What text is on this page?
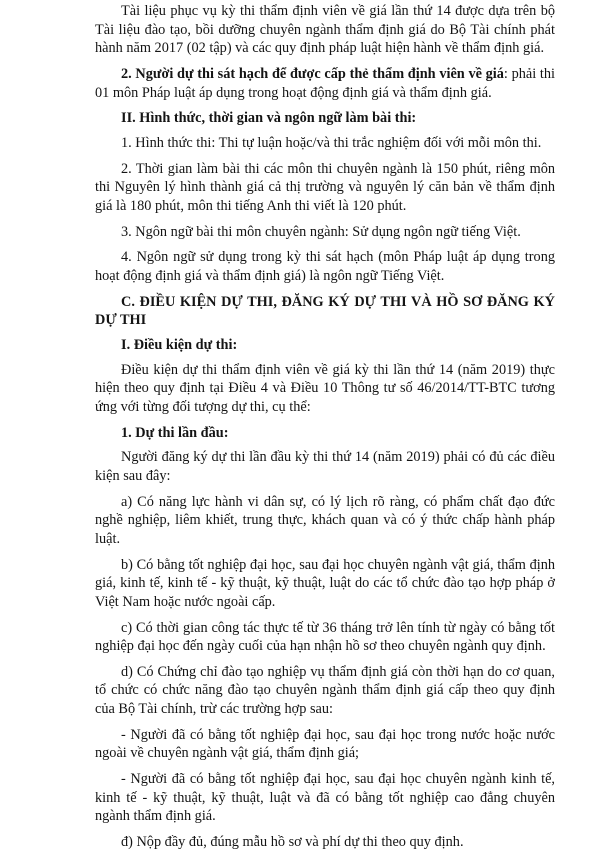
Tài liệu phục vụ kỳ thi thẩm định viên về giá lần thứ 14 được dựa trên bộ Tài liệu đào tạo, bồi dưỡng chuyên ngành thẩm định giá do Bộ Tài chính phát hành năm 2017 (02 tập) và các quy định pháp luật hiện hành về thẩm định giá.

2. Người dự thi sát hạch để được cấp thẻ thẩm định viên về giá: phải thi 01 môn Pháp luật áp dụng trong hoạt động định giá và thẩm định giá.

II. Hình thức, thời gian và ngôn ngữ làm bài thi:

1. Hình thức thi: Thi tự luận hoặc/và thi trắc nghiệm đối với mỗi môn thi.

2. Thời gian làm bài thi các môn thi chuyên ngành là 150 phút, riêng môn thi Nguyên lý hình thành giá cả thị trường và nguyên lý căn bản về thẩm định giá là 180 phút, môn thi tiếng Anh thi viết là 120 phút.

3. Ngôn ngữ bài thi môn chuyên ngành: Sử dụng ngôn ngữ tiếng Việt.

4. Ngôn ngữ sử dụng trong kỳ thi sát hạch (môn Pháp luật áp dụng trong hoạt động định giá và thẩm định giá) là ngôn ngữ Tiếng Việt.

C. ĐIỀU KIỆN DỰ THI, ĐĂNG KÝ DỰ THI VÀ HỒ SƠ ĐĂNG KÝ DỰ THI

I. Điều kiện dự thi:

Điều kiện dự thi thẩm định viên về giá kỳ thi lần thứ 14 (năm 2019) thực hiện theo quy định tại Điều 4 và Điều 10 Thông tư số 46/2014/TT-BTC tương ứng với từng đối tượng dự thi, cụ thể:

1. Dự thi lần đầu:

Người đăng ký dự thi lần đầu kỳ thi thứ 14 (năm 2019) phải có đủ các điều kiện sau đây:

a) Có năng lực hành vi dân sự, có lý lịch rõ ràng, có phẩm chất đạo đức nghề nghiệp, liêm khiết, trung thực, khách quan và có ý thức chấp hành pháp luật.

b) Có bằng tốt nghiệp đại học, sau đại học chuyên ngành vật giá, thẩm định giá, kinh tế, kinh tế - kỹ thuật, kỹ thuật, luật do các tổ chức đào tạo hợp pháp ở Việt Nam hoặc nước ngoài cấp.

c) Có thời gian công tác thực tế từ 36 tháng trở lên tính từ ngày có bằng tốt nghiệp đại học đến ngày cuối của hạn nhận hồ sơ theo chuyên ngành quy định.

d) Có Chứng chỉ đào tạo nghiệp vụ thẩm định giá còn thời hạn do cơ quan, tổ chức có chức năng đào tạo chuyên ngành thẩm định giá cấp theo quy định của Bộ Tài chính, trừ các trường hợp sau:

- Người đã có bằng tốt nghiệp đại học, sau đại học trong nước hoặc nước ngoài về chuyên ngành vật giá, thẩm định giá;

- Người đã có bằng tốt nghiệp đại học, sau đại học chuyên ngành kinh tế, kinh tế - kỹ thuật, kỹ thuật, luật và đã có bằng tốt nghiệp cao đẳng chuyên ngành thẩm định giá.

đ) Nộp đầy đủ, đúng mẫu hồ sơ và phí dự thi theo quy định.
